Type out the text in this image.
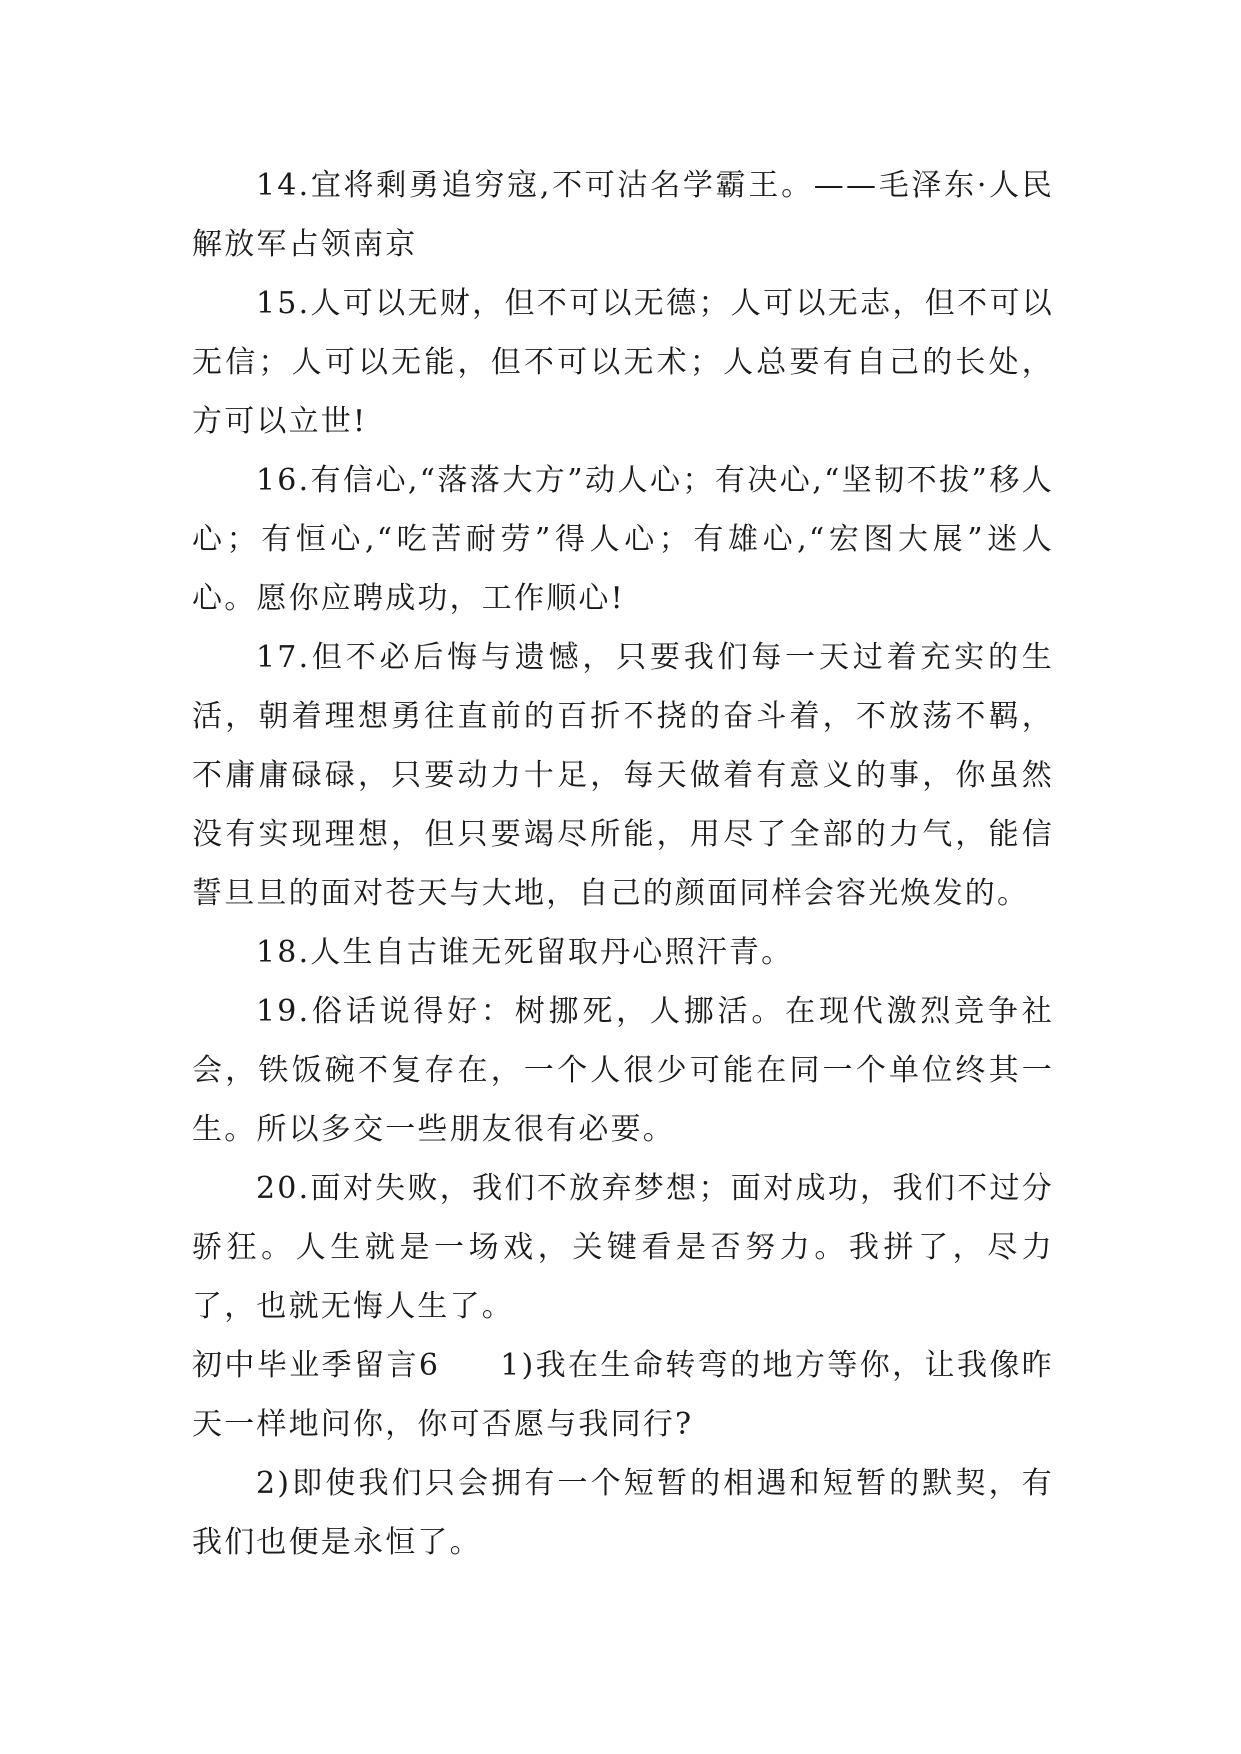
14.宜将剩勇追穷寇,不可沽名学霸王。——毛泽东·人民解放军占领南京

15.人可以无财，但不可以无德；人可以无志，但不可以无信；人可以无能，但不可以无术；人总要有自己的长处，方可以立世!

16.有信心,“落落大方”动人心；有决心,“坚韧不拔”移人心；有恒心,“吃苦耐劳”得人心；有雄心,“宏图大展”迷人心。愿你应聘成功，工作顺心!

17.但不必后悔与遗憾，只要我们每一天过着充实的生活，朝着理想勇往直前的百折不挠的奋斗着，不放荡不羁，不庸庸碌碌，只要动力十足，每天做着有意义的事，你虽然没有实现理想，但只要竭尽所能，用尽了全部的力气，能信誓旦旦的面对苍天与大地，自己的颜面同样会容光焕发的。

18.人生自古谁无死留取丹心照汗青。

19.俗话说得好：树挪死，人挪活。在现代激烈竞争社会，铁饭碗不复存在，一个人很少可能在同一个单位终其一生。所以多交一些朋友很有必要。

20.面对失败，我们不放弃梦想；面对成功，我们不过分骄狂。人生就是一场戏，关键看是否努力。我拼了，尽力了，也就无悔人生了。

初中毕业季留言6 1)我在生命转弯的地方等你，让我像昨天一样地问你，你可否愿与我同行?

2)即使我们只会拥有一个短暂的相遇和短暂的默契，有我们也便是永恒了。
